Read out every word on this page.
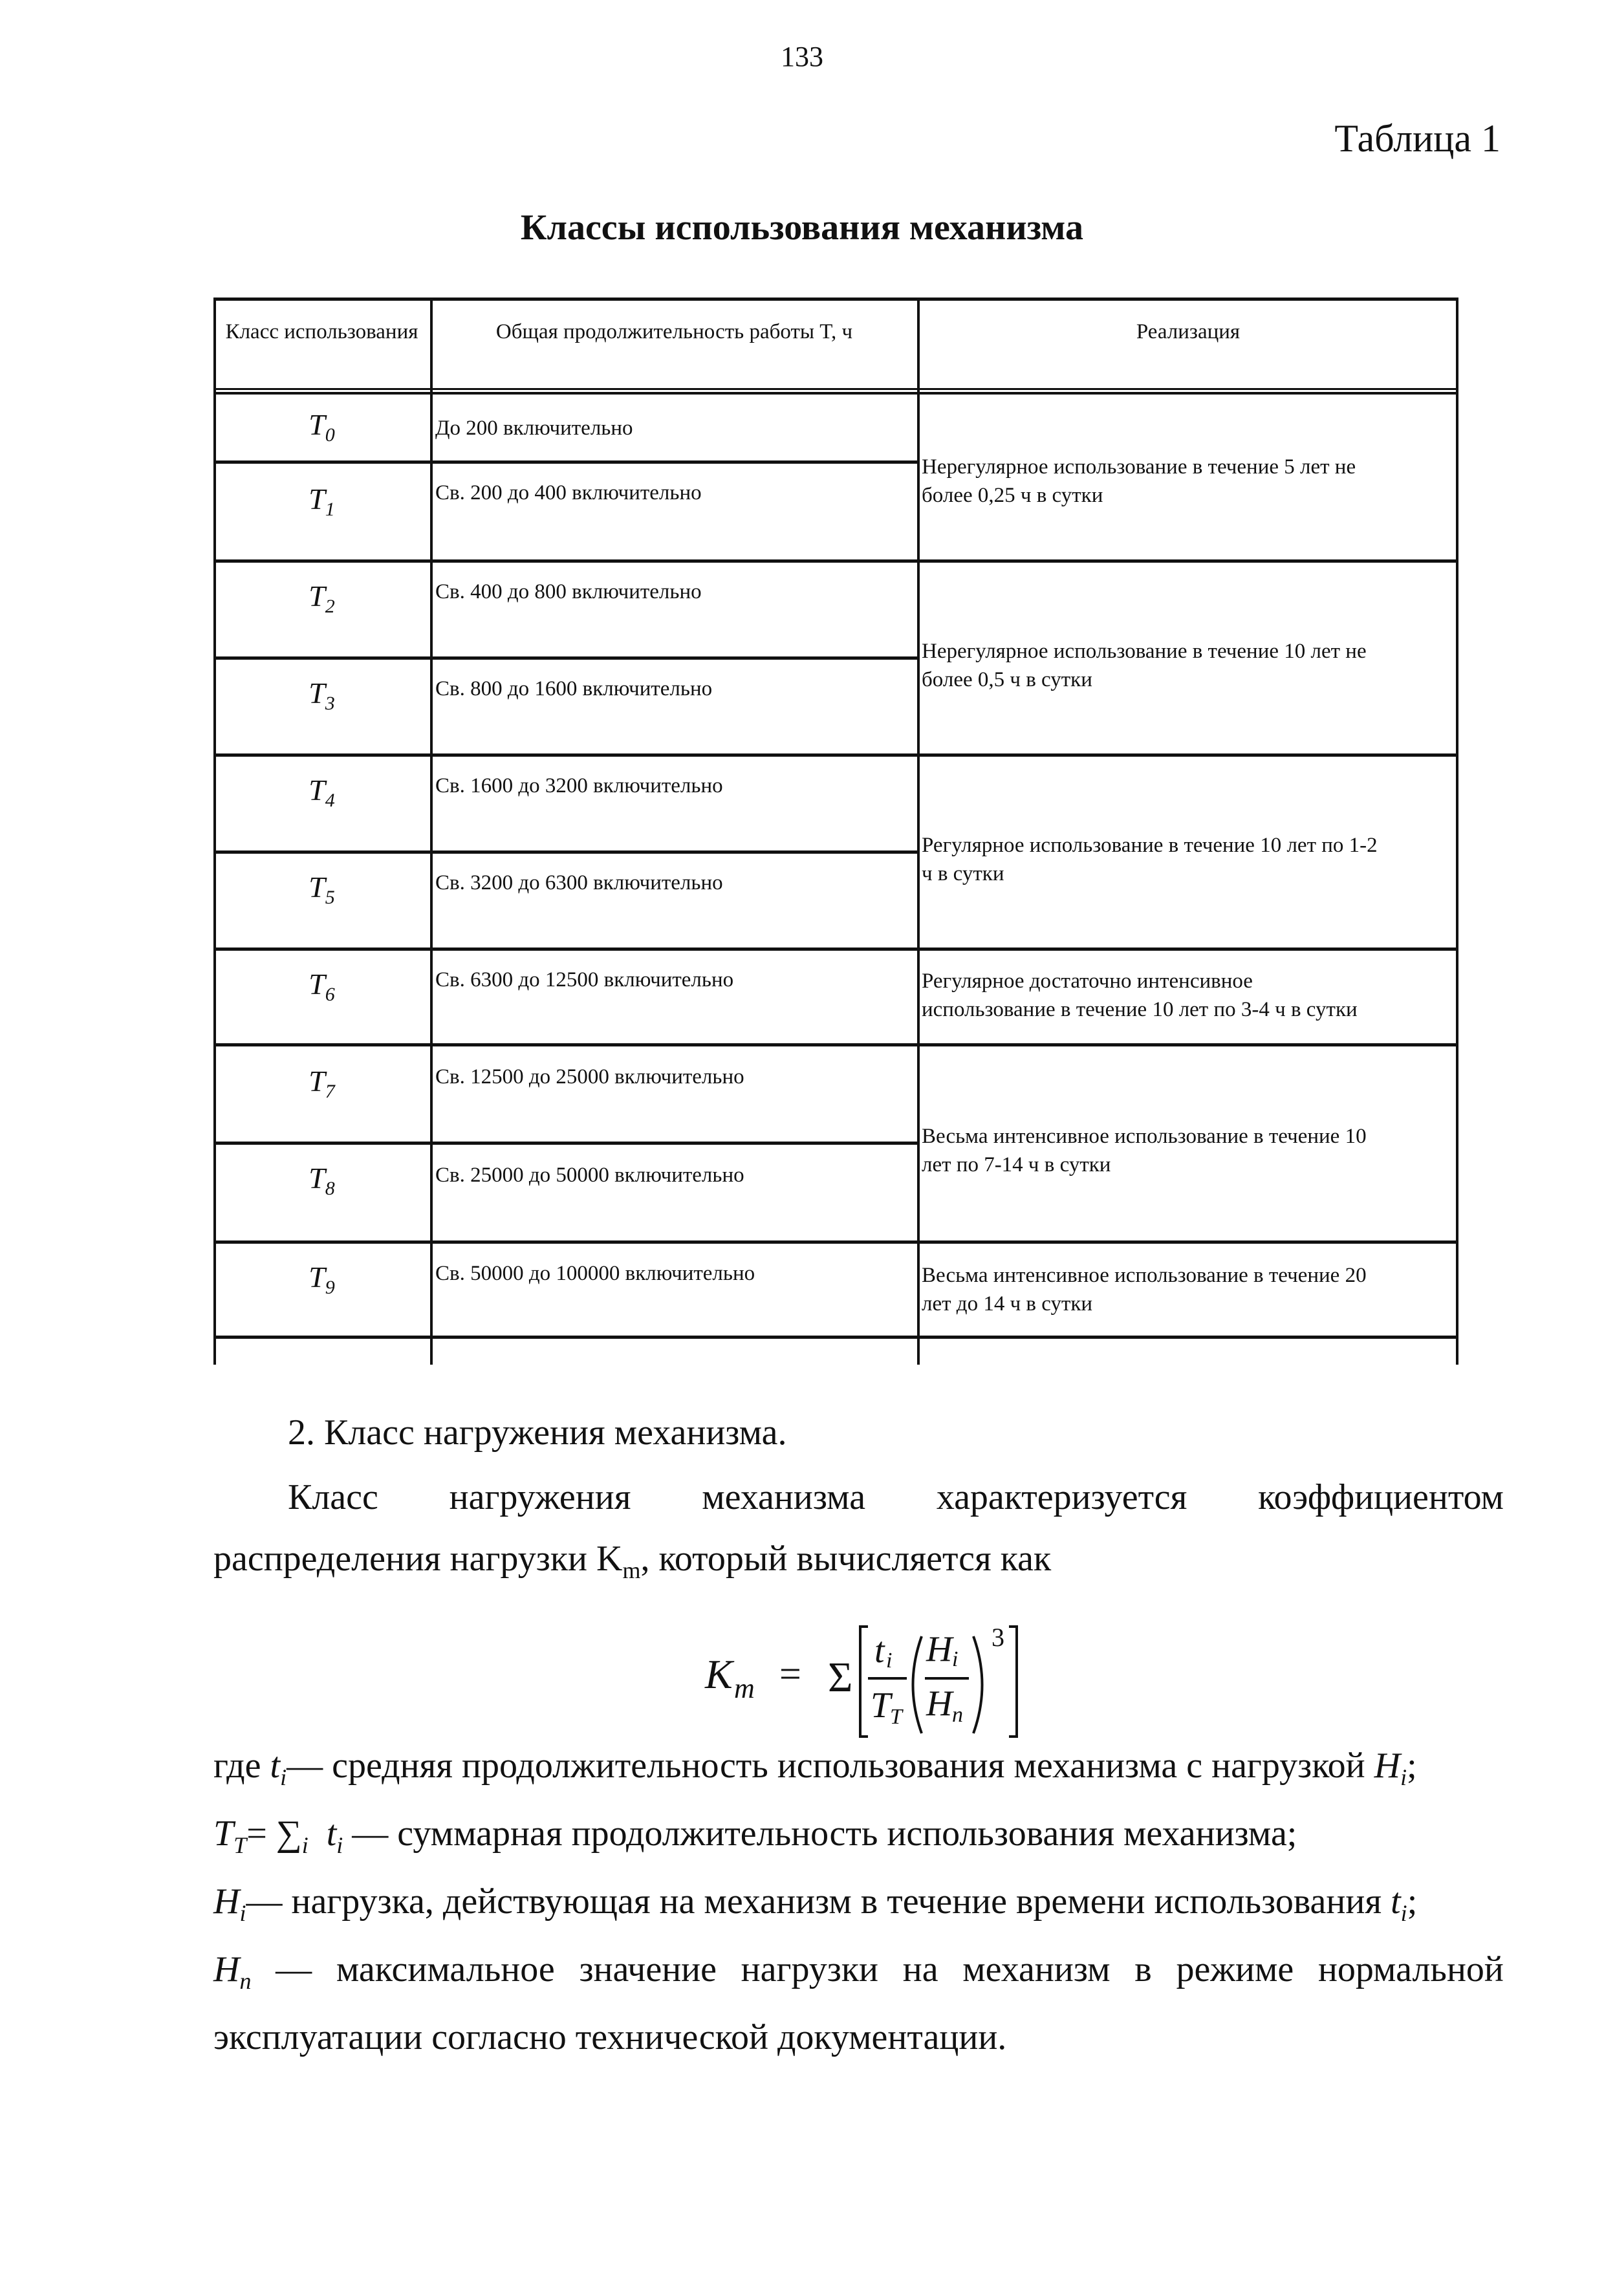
133
Таблица 1
Классы использования механизма
Класс использования	Общая продолжительность работы T, ч	Реализация
$T_0$
$T_1$
$T_2$
$T_3$
$T_4$
$T_5$
$T_6$
$T_7$
$T_8$
$T_9$
До 200 включительно
Св. 200 до 400 включительно
Св. 400 до 800 включительно
Св. 800 до 1600 включительно
Св. 1600 до 3200 включительно
Св. 3200 до 6300 включительно
Св. 6300 до 12500 включительно
Св. 12500 до 25000 включительно
Св. 25000 до 50000 включительно
Св. 50000 до 100000 включительно
Нерегулярное использование в течение 5 лет не
более 0,25 ч в сутки
Нерегулярное использование в течение 10 лет не
более 0,5 ч в сутки
Регулярное использование в течение 10 лет по 1-2
ч в сутки
Регулярное достаточно интенсивное
использование в течение 10 лет по 3-4 ч в сутки
Весьма интенсивное использование в течение 10
лет по 7-14 ч в сутки
Весьма интенсивное использование в течение 20
лет до 14 ч в сутки
2. Класс нагружения механизма.
Класс нагружения механизма характеризуется коэффициентом
распределения нагрузки $K_m$, который вычисляется как
K m = Σ
t i
T
T
H i
H n
3
где $t_i—$ средняя продолжительность использования механизма с нагрузкой $H_i$;
$T_T= \sum_i$ $t_i$ — суммарная продолжительность использования механизма;
$H_i—$ нагрузка, действующая на механизм в течение времени использования $t_i$;
$H_n$ — максимальное значение нагрузки на механизм в режиме нормальной
эксплуатации согласно технической документации.
